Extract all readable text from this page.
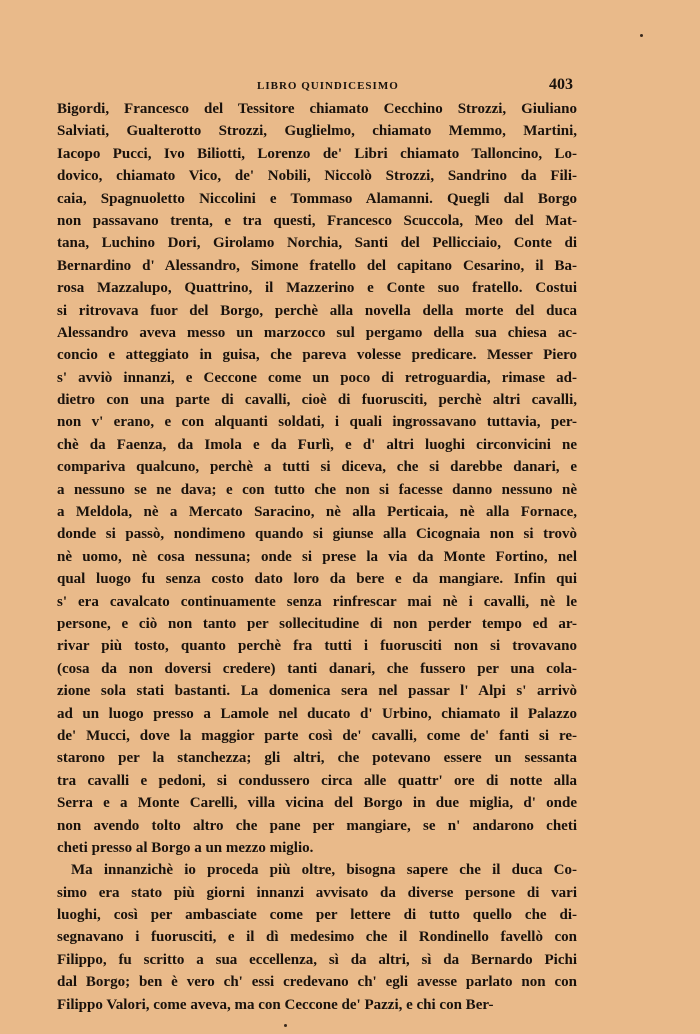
LIBRO QUINDICESIMO	403
Bigordi, Francesco del Tessitore chiamato Cecchino Strozzi, Giuliano
Salviati, Gualterotto Strozzi, Guglielmo, chiamato Memmo, Martini,
Iacopo Pucci, Ivo Biliotti, Lorenzo de' Libri chiamato Talloncino, Lo-
dovico, chiamato Vico, de' Nobili, Niccolò Strozzi, Sandrino da Fili-
caia, Spagnuoletto Niccolini e Tommaso Alamanni. Quegli dal Borgo
non passavano trenta, e tra questi, Francesco Scuccola, Meo del Mat-
tana, Luchino Dori, Girolamo Norchia, Santi del Pellicciaio, Conte di
Bernardino d' Alessandro, Simone fratello del capitano Cesarino, il Ba-
rosa Mazzalupo, Quattrino, il Mazzerino e Conte suo fratello. Costui
si ritrovava fuor del Borgo, perchè alla novella della morte del duca
Alessandro aveva messo un marzocco sul pergamo della sua chiesa ac-
concio e atteggiato in guisa, che pareva volesse predicare. Messer Piero
s' avviò innanzi, e Ceccone come un poco di retroguardia, rimase ad-
dietro con una parte di cavalli, cioè di fuorusciti, perchè altri cavalli,
non v' erano, e con alquanti soldati, i quali ingrossavano tuttavia, per-
chè da Faenza, da Imola e da Furlì, e d' altri luoghi circonvicini ne
compariva qualcuno, perchè a tutti si diceva, che si darebbe danari, e
a nessuno se ne dava; e con tutto che non si facesse danno nessuno nè
a Meldola, nè a Mercato Saracino, nè alla Perticaia, nè alla Fornace,
donde si passò, nondimeno quando si giunse alla Cicognaia non si trovò
nè uomo, nè cosa nessuna; onde si prese la via da Monte Fortino, nel
qual luogo fu senza costo dato loro da bere e da mangiare. Infin qui
s' era cavalcato continuamente senza rinfrescar mai nè i cavalli, nè le
persone, e ciò non tanto per sollecitudine di non perder tempo ed ar-
rivar più tosto, quanto perchè fra tutti i fuorusciti non si trovavano
(cosa da non doversi credere) tanti danari, che fussero per una cola-
zione sola stati bastanti. La domenica sera nel passar l' Alpi s' arrivò
ad un luogo presso a Lamole nel ducato d' Urbino, chiamato il Palazzo
de' Mucci, dove la maggior parte così de' cavalli, come de' fanti si re-
starono per la stanchezza; gli altri, che potevano essere un sessanta
tra cavalli e pedoni, si condussero circa alle quattr' ore di notte alla
Serra e a Monte Carelli, villa vicina del Borgo in due miglia, d' onde
non avendo tolto altro che pane per mangiare, se n' andarono cheti
cheti presso al Borgo a un mezzo miglio.
Ma innanzichè io proceda più oltre, bisogna sapere che il duca Co-
simo era stato più giorni innanzi avvisato da diverse persone di vari
luoghi, così per ambasciate come per lettere di tutto quello che di-
segnavano i fuorusciti, e il dì medesimo che il Rondinello favellò con
Filippo, fu scritto a sua eccellenza, sì da altri, sì da Bernardo Pichi
dal Borgo; ben è vero ch' essi credevano ch' egli avesse parlato non con
Filippo Valori, come aveva, ma con Ceccone de' Pazzi, e chi con Ber-
